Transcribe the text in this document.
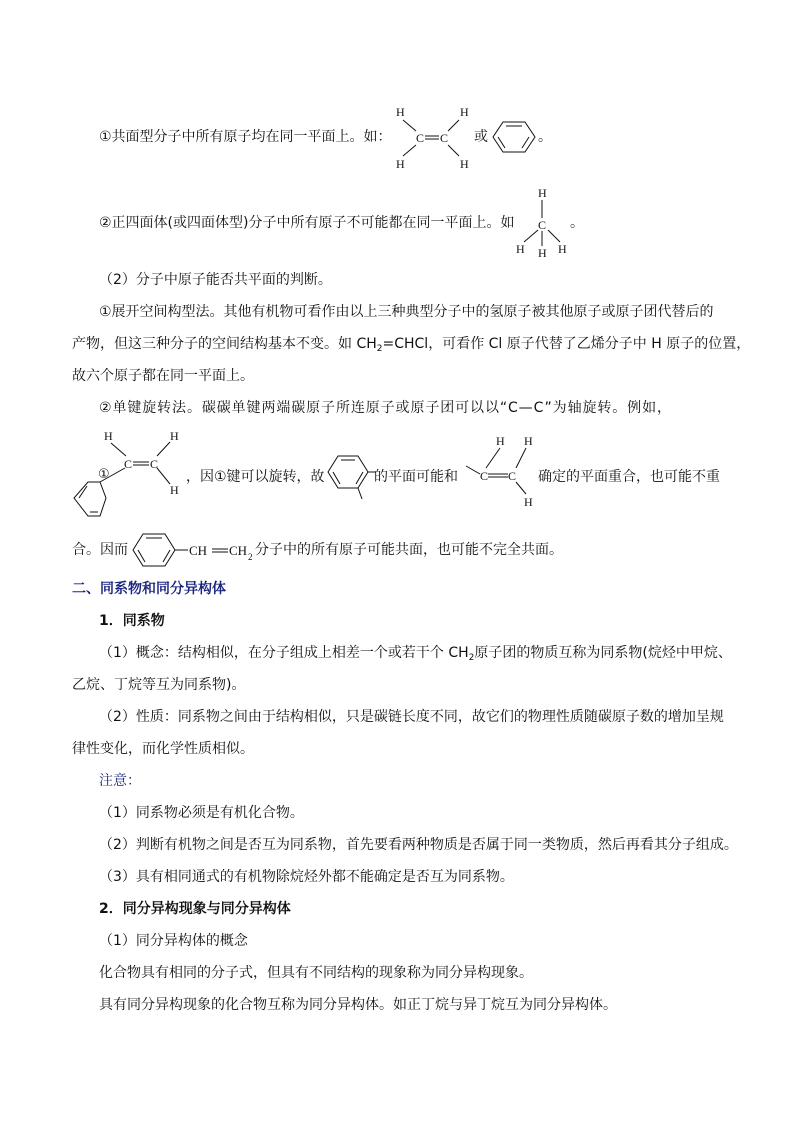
①共面型分子中所有原子均在同一平面上。如：
H	H
H	H
C C 或	。
②正四面体(或四面体型)分子中所有原子不可能都在同一平面上。如
H
C
H H H
。
（2）分子中原子能否共平面的判断。
①展开空间构型法。其他有机物可看作由以上三种典型分子中的氢原子被其他原子或原子团代替后的
产物，但这三种分子的空间结构基本不变。如 $CH_2=CHCl$，可看作 Cl 原子代替了乙烯分子中 H 原子的位置，
故六个原子都在同一平面上。
②单键旋转法。碳碳单键两端碳原子所连原子或原子团可以以“C—C”为轴旋转。例如，
H	H
H
C C
①	，因①键可以旋转，故	的平面可能和
H H
H
C C 确定的平面重合，也可能不重
合。因而	CH CH 2 分子中的所有原子可能共面，也可能不完全共面。
二、同系物和同分异构体
1．同系物
（1）概念：结构相似，在分子组成上相差一个或若干个 $CH_2$原子团的物质互称为同系物(烷烃中甲烷、
乙烷、丁烷等互为同系物)。
（2）性质：同系物之间由于结构相似，只是碳链长度不同，故它们的物理性质随碳原子数的增加呈规
律性变化，而化学性质相似。
注意：
（1）同系物必须是有机化合物。
（2）判断有机物之间是否互为同系物，首先要看两种物质是否属于同一类物质，然后再看其分子组成。
（3）具有相同通式的有机物除烷烃外都不能确定是否互为同系物。
2．同分异构现象与同分异构体
（1）同分异构体的概念
化合物具有相同的分子式，但具有不同结构的现象称为同分异构现象。
具有同分异构现象的化合物互称为同分异构体。如正丁烷与异丁烷互为同分异构体。
